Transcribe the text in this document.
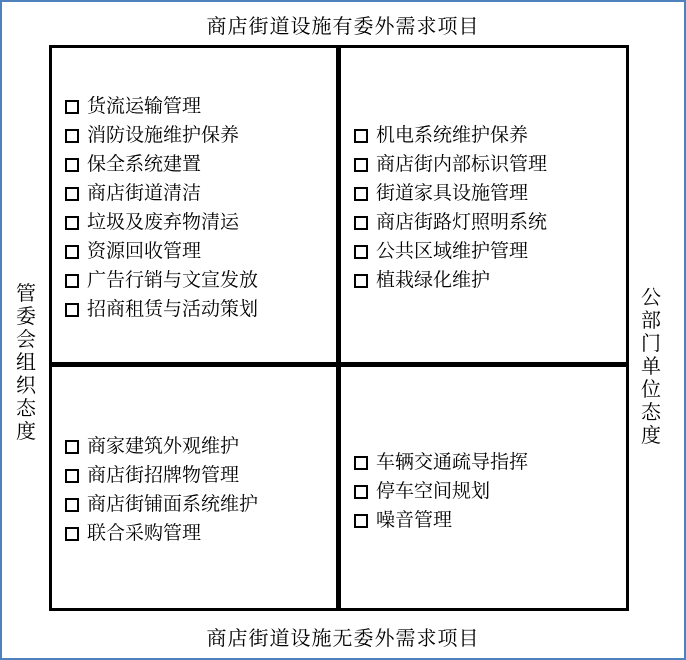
商店街道设施有委外需求项目
商店街道设施无委外需求项目
管委会组织态度
公部门单位态度
货流运输管理
消防设施维护保养
保全系统建置
商店街道清洁
垃圾及废弃物清运
资源回收管理
广告行销与文宣发放
招商租赁与活动策划
机电系统维护保养
商店街内部标识管理
街道家具设施管理
商店街路灯照明系统
公共区域维护管理
植栽绿化维护
商家建筑外观维护
商店街招牌物管理
商店街铺面系统维护
联合采购管理
车辆交通疏导指挥
停车空间规划
噪音管理
